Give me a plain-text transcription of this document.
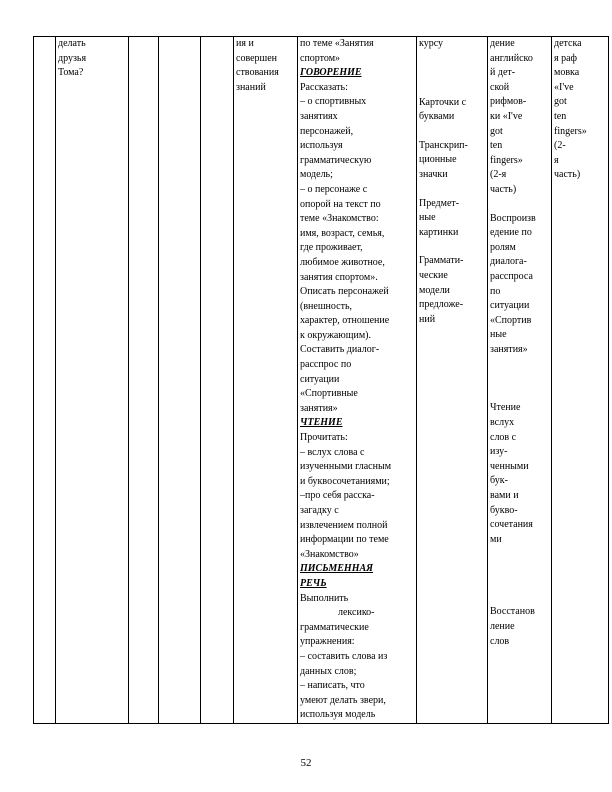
делать
друзья
Тома?

ия и
совершен
ствования
знаний

по теме «Занятия
спортом»
ГОВОРЕНИЕ
Рассказать:
– о спортивных
занятиях
персонажей,
используя
грамматическую
модель;
– о персонаже с
опорой на текст по
теме «Знакомство:
имя, возраст, семья,
где проживает,
любимое животное,
занятия спортом».
Описать персонажей
(внешность,
характер, отношение
к окружающим).
Составить диалог-
расспрос по
ситуации
«Спортивные
занятия»
ЧТЕНИЕ
Прочитать:
– вслух слова с
изученными гласным
и буквосочетаниями;
–про себя расска-
загадку с
извлечением полной
информации по теме
«Знакомство»
ПИСЬМЕННАЯ
РЕЧЬ
Выполнить
лексико-
грамматические
упражнения:
– составить слова из
данных слов;
– написать, что
умеют делать звери,
используя модель

курсу
Карточки с
буквами
Транскрип-
ционные
значки
Предмет-
ные
картинки
Граммати-
ческие
модели
предложе-
ний

дение
английско
й дет-
ской
рифмов-
ки «I've
got
ten
fingers»
(2-я
часть)
Воспроизв
едение по
ролям
диалога-
расспроса
по
ситуации
«Спортив
ные
занятия»
Чтение
вслух
слов с
изу-
ченными
бук-
вами и
букво-
сочетания
ми
Восстанов
ление
слов

детска
я раф
мовка
«I've
got
ten
fingers»
(2-
я
часть)
52
